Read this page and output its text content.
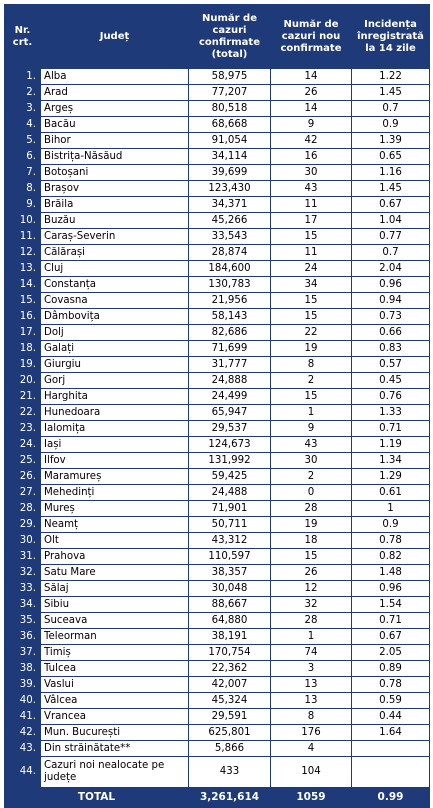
Nr. crt.	Județ	Număr de cazuri confirmate (total)	Număr de cazuri nou confirmate	Incidența înregistrată la 14 zile
1.	Alba	58,975	14	1.22
2.	Arad	77,207	26	1.45
3.	Argeș	80,518	14	0.7
4.	Bacău	68,668	9	0.9
5.	Bihor	91,054	42	1.39
6.	Bistrița-Năsăud	34,114	16	0.65
7.	Botoșani	39,699	30	1.16
8.	Brașov	123,430	43	1.45
9.	Brăila	34,371	11	0.67
10.	Buzău	45,266	17	1.04
11.	Caraș-Severin	33,543	15	0.77
12.	Călărași	28,874	11	0.7
13.	Cluj	184,600	24	2.04
14.	Constanța	130,783	34	0.96
15.	Covasna	21,956	15	0.94
16.	Dâmbovița	58,143	15	0.73
17.	Dolj	82,686	22	0.66
18.	Galați	71,699	19	0.83
19.	Giurgiu	31,777	8	0.57
20.	Gorj	24,888	2	0.45
21.	Harghita	24,499	15	0.76
22.	Hunedoara	65,947	1	1.33
23.	Ialomița	29,537	9	0.71
24.	Iași	124,673	43	1.19
25.	Ilfov	131,992	30	1.34
26.	Maramureș	59,425	2	1.29
27.	Mehedinți	24,488	0	0.61
28.	Mureș	71,901	28	1
29.	Neamț	50,711	19	0.9
30.	Olt	43,312	18	0.78
31.	Prahova	110,597	15	0.82
32.	Satu Mare	38,357	26	1.48
33.	Sălaj	30,048	12	0.96
34.	Sibiu	88,667	32	1.54
35.	Suceava	64,880	28	0.71
36.	Teleorman	38,191	1	0.67
37.	Timiș	170,754	74	2.05
38.	Tulcea	22,362	3	0.89
39.	Vaslui	42,007	13	0.78
40.	Vâlcea	45,324	13	0.59
41.	Vrancea	29,591	8	0.44
42.	Mun. București	625,801	176	1.64
43.	Din străinătate**	5,866	4	
44.	Cazuri noi nealocate pe județe	433	104	
TOTAL		3,261,614	1059	0.99
